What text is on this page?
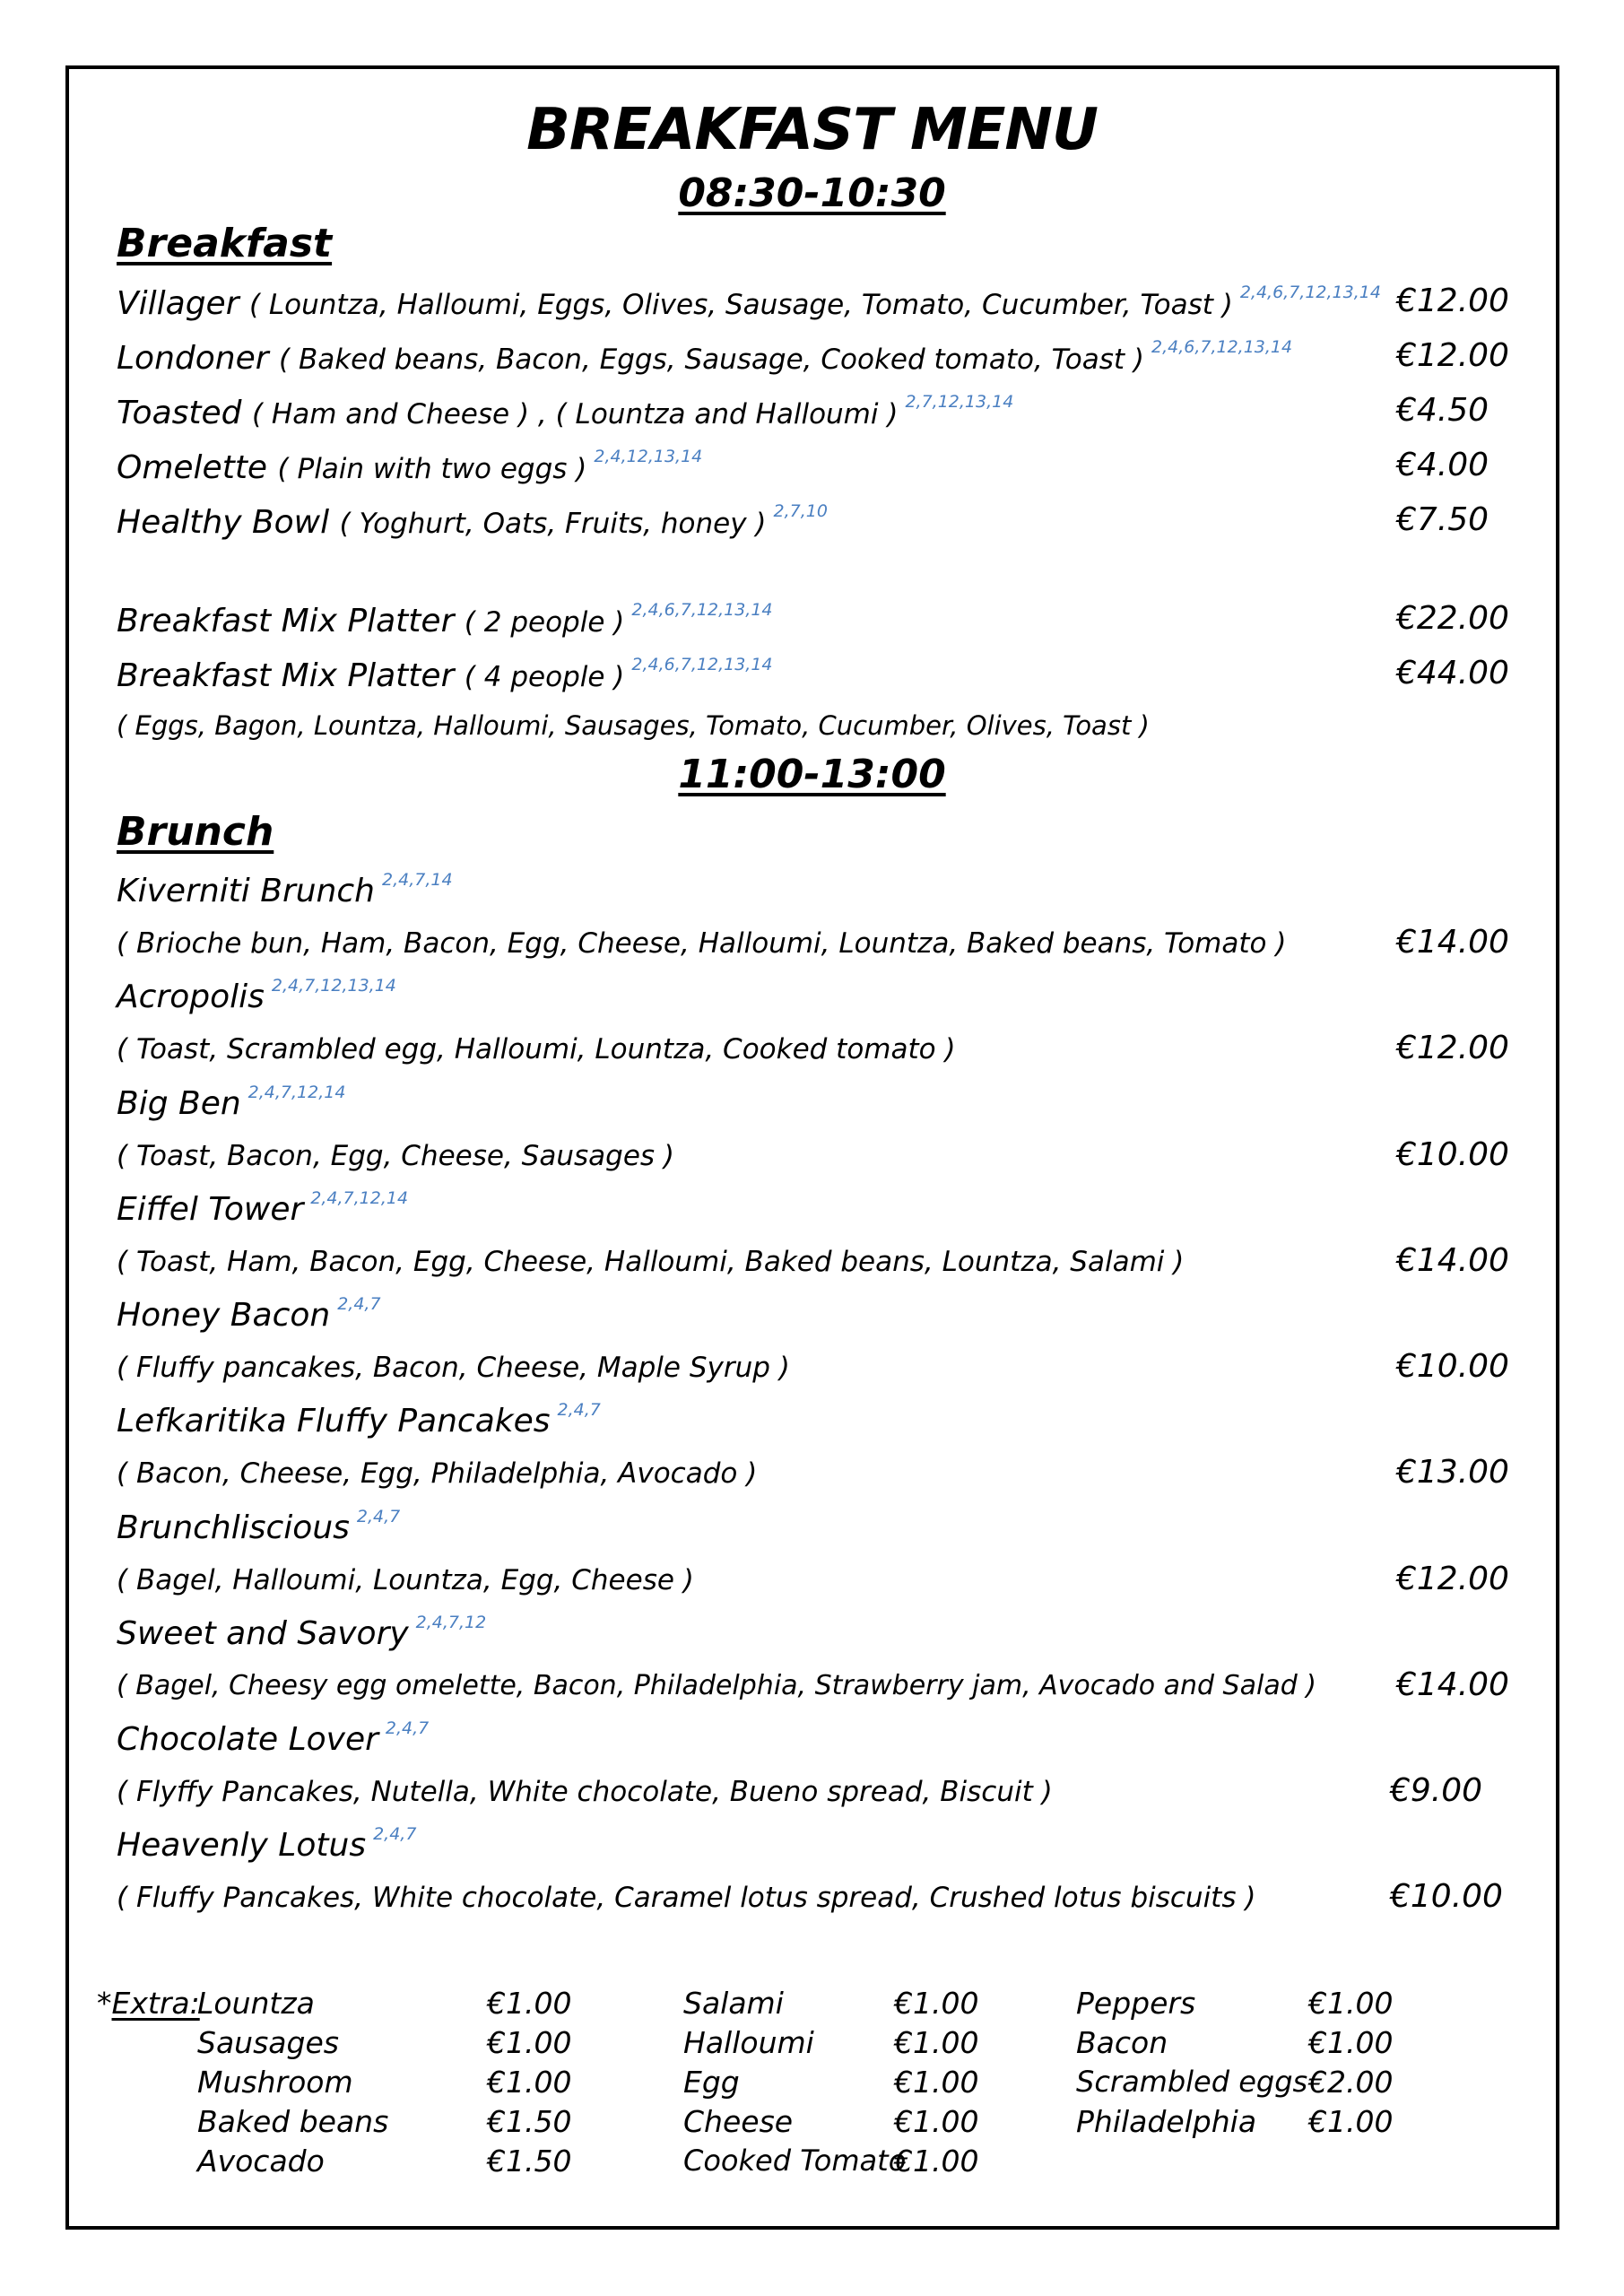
BREAKFAST MENU
08:30-10:30
Breakfast
Villager ( Lountza, Halloumi, Eggs, Olives, Sausage, Tomato, Cucumber, Toast ) $^{2,4,6,7,12,13,14}$ €12.00
Londoner ( Baked beans, Bacon, Eggs, Sausage, Cooked tomato, Toast ) $^{2,4,6,7,12,13,14}$	€12.00
Toasted ( Ham and Cheese ) , ( Lountza and Halloumi ) $^{2,7,12,13,14}$	€4.50
Omelette ( Plain with two eggs ) $^{2,4,12,13,14}$	€4.00
Healthy Bowl ( Yoghurt, Oats, Fruits, honey ) $^{2,7,10}$	€7.50
Breakfast Mix Platter ( 2 people ) $^{2,4,6,7,12,13,14}$	€22.00
Breakfast Mix Platter ( 4 people ) $^{2,4,6,7,12,13,14}$	€44.00
( Eggs, Bagon, Lountza, Halloumi, Sausages, Tomato, Cucumber, Olives, Toast )
11:00-13:00
Brunch
Kiverniti Brunch $^{2,4,7,14}$
( Brioche bun, Ham, Bacon, Egg, Cheese, Halloumi, Lountza, Baked beans, Tomato )	€14.00
Acropolis $^{2,4,7,12,13,14}$
( Toast, Scrambled egg, Halloumi, Lountza, Cooked tomato )	€12.00
Big Ben $^{2,4,7,12,14}$
( Toast, Bacon, Egg, Cheese, Sausages )	€10.00
Eiffel Tower $^{2,4,7,12,14}$
( Toast, Ham, Bacon, Egg, Cheese, Halloumi, Baked beans, Lountza, Salami )	€14.00
Honey Bacon $^{2,4,7}$
( Fluffy pancakes, Bacon, Cheese, Maple Syrup )	€10.00
Lefkaritika Fluffy Pancakes $^{2,4,7}$
( Bacon, Cheese, Egg, Philadelphia, Avocado )	€13.00
Brunchliscious $^{2,4,7}$
( Bagel, Halloumi, Lountza, Egg, Cheese )	€12.00
Sweet and Savory $^{2,4,7,12}$
( Bagel, Cheesy egg omelette, Bacon, Philadelphia, Strawberry jam, Avocado and Salad ) €14.00
Chocolate Lover $^{2,4,7}$
( Flyffy Pancakes, Nutella, White chocolate, Bueno spread, Biscuit )	€9.00
Heavenly Lotus $^{2,4,7}$
( Fluffy Pancakes, White chocolate, Caramel lotus spread, Crushed lotus biscuits )	€10.00
*Extra:
Lountza	€1.00
Sausages	€1.00
Mushroom	€1.00
Baked beans	€1.50
Avocado	€1.50
Salami	€1.00
Halloumi	€1.00
Egg	€1.00
Cheese	€1.00
Cooked Tomato
€1.00
Peppers	€1.00
Bacon	€1.00
Scrambled eggs €2.00
Philadelphia €1.00
